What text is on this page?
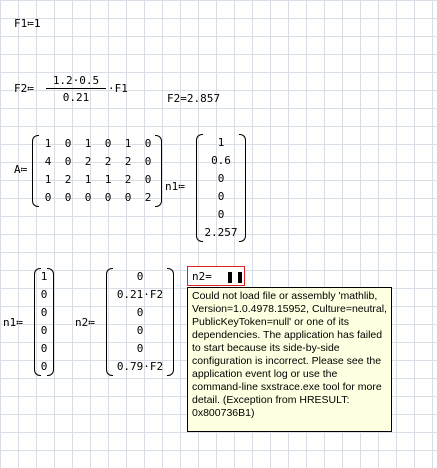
F1≔1
F2≔ $\frac{1.2\cdot 0.5}{0.21} \cdot F1$
F2=2.857
A≔
1	0	1	0	1	0
4	0	2	2	2	0
1	2	1	1	2	0
0	0	0	0	0	2
n1≔
1
0.6
0
0
0
2.257
n1≔
1
0
0
0
0
0
n2≔
0
0.21·F2
0
0
0
0.79·F2
n2=
Could not load file or assembly 'mathlib, Version=1.0.4978.15952, Culture=neutral, PublicKeyToken=null' or one of its dependencies. The application has failed to start because its side-by-side configuration is incorrect. Please see the application event log or use the command-line sxstrace.exe tool for more detail. (Exception from HRESULT: 0x800736B1)
